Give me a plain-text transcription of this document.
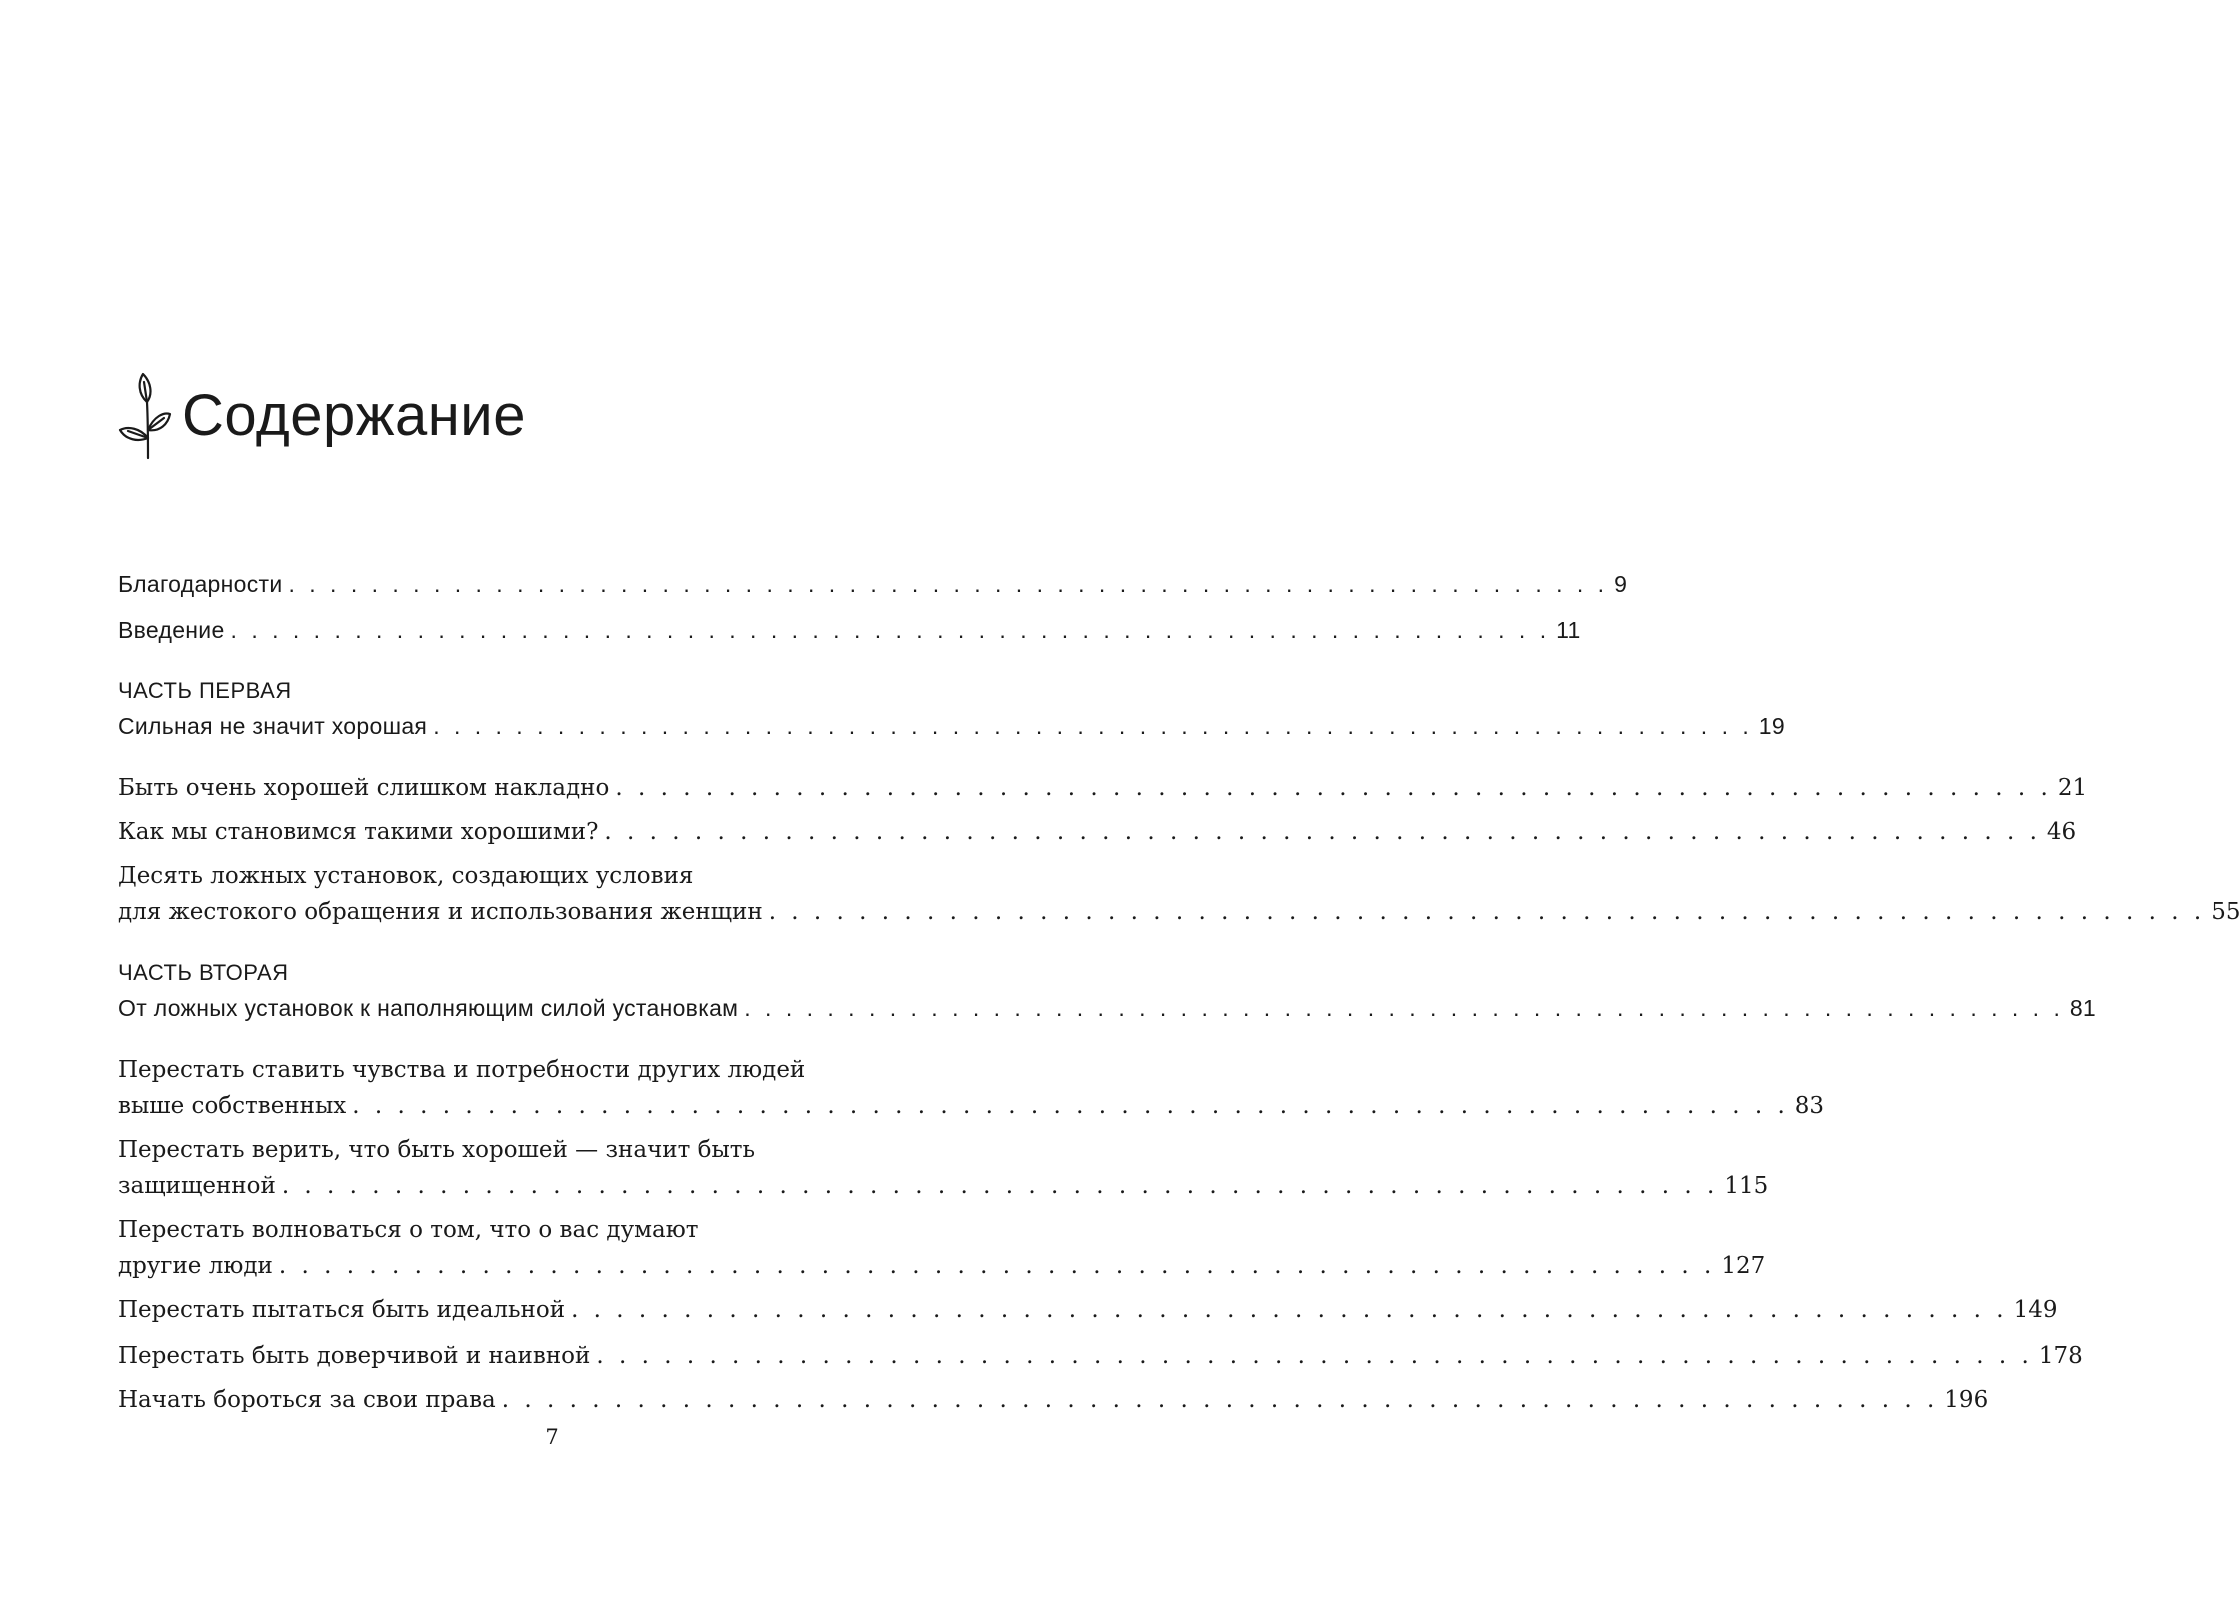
Содержание
Благодарности . . . . . . . . . . . . . . . . . . . . . . . . . . . . . . . . . . . . . . . . . . . . . . . . . . . . . . . . . . . . . . . . 9
Введение . . . . . . . . . . . . . . . . . . . . . . . . . . . . . . . . . . . . . . . . . . . . . . . . . . . . . . . . . . . . . . . . 11
ЧАСТЬ ПЕРВАЯ
Сильная не значит хорошая . . . . . . . . . . . . . . . . . . . . . . . . . . . . . . . . . . . . . . . . . . . . . . . . . . . . . . . . . . . . . . . . 19
Быть очень хорошей слишком накладно . . . . . . . . . . . . . . . . . . . . . . . . . . . . . . . . . . . . . . . . . . . . . . . . . . . . . . . . . . . . . . . . 21
Как мы становимся такими хорошими? . . . . . . . . . . . . . . . . . . . . . . . . . . . . . . . . . . . . . . . . . . . . . . . . . . . . . . . . . . . . . . . . 46
Десять ложных установок, создающих условия
для жестокого обращения и использования женщин . . . . . . . . . . . . . . . . . . . . . . . . . . . . . . . . . . . . . . . . . . . . . . . . . . . . . . . . . . . . . . . . 55
ЧАСТЬ ВТОРАЯ
От ложных установок к наполняющим силой установкам . . . . . . . . . . . . . . . . . . . . . . . . . . . . . . . . . . . . . . . . . . . . . . . . . . . . . . . . . . . . . . . . 81
Перестать ставить чувства и потребности других людей
выше собственных . . . . . . . . . . . . . . . . . . . . . . . . . . . . . . . . . . . . . . . . . . . . . . . . . . . . . . . . . . . . . . . . 83
Перестать верить, что быть хорошей — значит быть
защищенной . . . . . . . . . . . . . . . . . . . . . . . . . . . . . . . . . . . . . . . . . . . . . . . . . . . . . . . . . . . . . . . . 115
Перестать волноваться о том, что о вас думают
другие люди . . . . . . . . . . . . . . . . . . . . . . . . . . . . . . . . . . . . . . . . . . . . . . . . . . . . . . . . . . . . . . . . 127
Перестать пытаться быть идеальной . . . . . . . . . . . . . . . . . . . . . . . . . . . . . . . . . . . . . . . . . . . . . . . . . . . . . . . . . . . . . . . . 149
Перестать быть доверчивой и наивной . . . . . . . . . . . . . . . . . . . . . . . . . . . . . . . . . . . . . . . . . . . . . . . . . . . . . . . . . . . . . . . . 178
Начать бороться за свои права . . . . . . . . . . . . . . . . . . . . . . . . . . . . . . . . . . . . . . . . . . . . . . . . . . . . . . . . . . . . . . . . 196
7
